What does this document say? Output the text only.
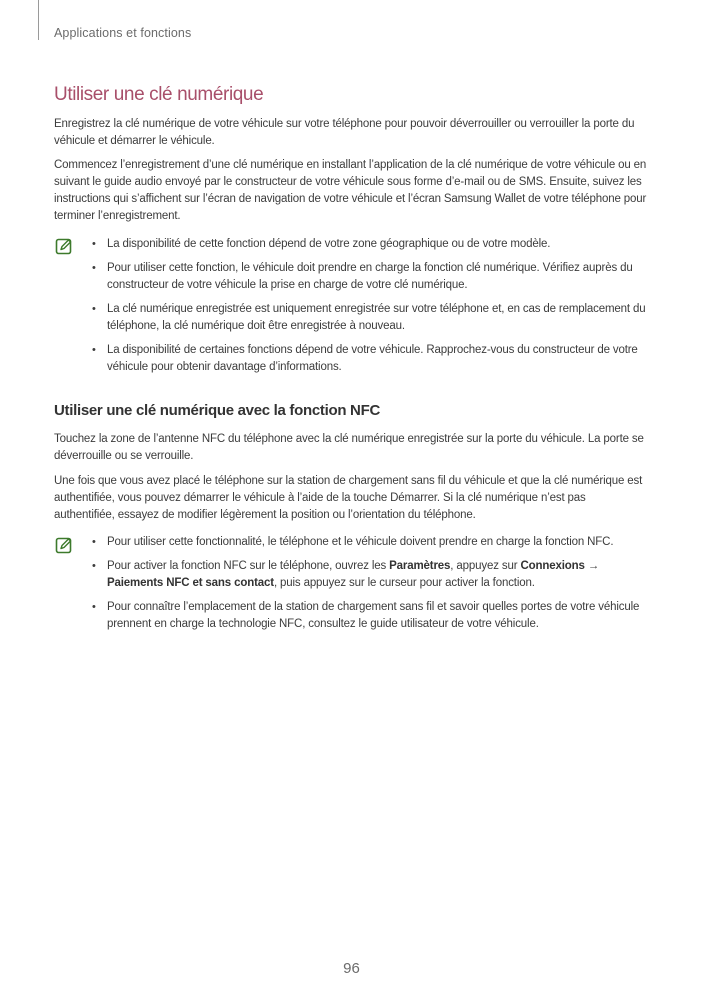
Applications et fonctions
Utiliser une clé numérique

Enregistrez la clé numérique de votre véhicule sur votre téléphone pour pouvoir déverrouiller ou verrouiller la porte du véhicule et démarrer le véhicule.

Commencez l’enregistrement d’une clé numérique en installant l’application de la clé numérique de votre véhicule ou en suivant le guide audio envoyé par le constructeur de votre véhicule sous forme d’e-mail ou de SMS. Ensuite, suivez les instructions qui s’affichent sur l’écran de navigation de votre véhicule et l’écran Samsung Wallet de votre téléphone pour terminer l’enregistrement.

• La disponibilité de cette fonction dépend de votre zone géographique ou de votre modèle.
• Pour utiliser cette fonction, le véhicule doit prendre en charge la fonction clé numérique. Vérifiez auprès du constructeur de votre véhicule la prise en charge de votre clé numérique.
• La clé numérique enregistrée est uniquement enregistrée sur votre téléphone et, en cas de remplacement du téléphone, la clé numérique doit être enregistrée à nouveau.
• La disponibilité de certaines fonctions dépend de votre véhicule. Rapprochez-vous du constructeur de votre véhicule pour obtenir davantage d’informations.
Utiliser une clé numérique avec la fonction NFC

Touchez la zone de l’antenne NFC du téléphone avec la clé numérique enregistrée sur la porte du véhicule. La porte se déverrouille ou se verrouille.

Une fois que vous avez placé le téléphone sur la station de chargement sans fil du véhicule et que la clé numérique est authentifiée, vous pouvez démarrer le véhicule à l’aide de la touche Démarrer. Si la clé numérique n’est pas authentifiée, essayez de modifier légèrement la position ou l’orientation du téléphone.

• Pour utiliser cette fonctionnalité, le téléphone et le véhicule doivent prendre en charge la fonction NFC.
• Pour activer la fonction NFC sur le téléphone, ouvrez les Paramètres, appuyez sur Connexions → Paiements NFC et sans contact, puis appuyez sur le curseur pour activer la fonction.
• Pour connaître l’emplacement de la station de chargement sans fil et savoir quelles portes de votre véhicule prennent en charge la technologie NFC, consultez le guide utilisateur de votre véhicule.
96
